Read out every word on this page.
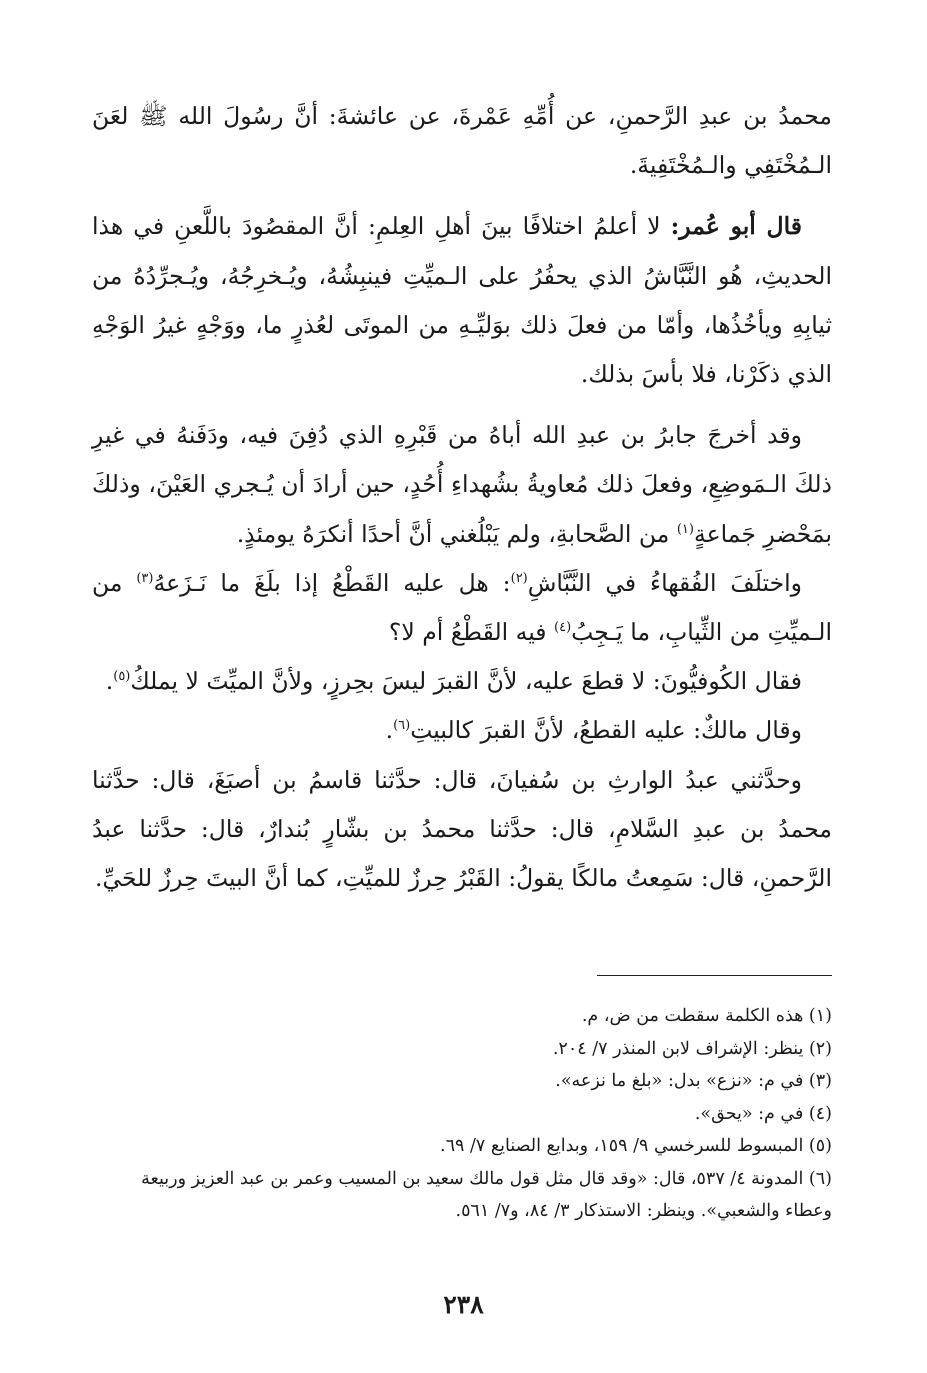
محمدُ بن عبدِ الرَّحمنِ، عن أُمِّهِ عَمْرةَ، عن عائشةَ: أنَّ رسُولَ الله ﷺ لعَنَ الـمُخْتَفِي والـمُخْتَفِيةَ.

قال أبو عُمر: لا أعلمُ اختلافًا بينَ أهلِ العِلمِ: أنَّ المقصُودَ باللَّعنِ في هذا الحديثِ، هُو النَّبَّاشُ الذي يحفُرُ على الـميِّتِ فينبِشُهُ، ويُـخرِجُهُ، ويُـجرِّدُهُ من ثيابِهِ ويأخُذُها، وأمّا من فعلَ ذلك بوَليِّـهِ من الموتَى لعُذرٍ ما، ووَجْهٍ غيرُ الوَجْهِ الذي ذكَرْنا، فلا بأسَ بذلك.

وقد أخرجَ جابرُ بن عبدِ الله أباهُ من قَبْرِهِ الذي دُفِنَ فيه، ودَفَنهُ في غيرِ ذلكَ الـمَوضِعِ، وفعلَ ذلك مُعاويةُ بشُهداءِ أُحُدٍ، حين أرادَ أن يُـجري العَيْنَ، وذلكَ بمَحْضرِ جَماعةٍ$^{(١)}$ من الصَّحابةِ، ولم يَبْلُغني أنَّ أحدًا أنكرَهُ يومئذٍ.

واختلَفَ الفُقهاءُ في النَّبَّاشِ$^{(٢)}$: هل عليه القَطْعُ إذا بلَغَ ما نَـزَعهُ$^{(٣)}$ من الـميِّتِ من الثِّيابِ، ما يَـجِبُ$^{(٤)}$ فيه القَطْعُ أم لا؟

فقال الكُوفيُّونَ: لا قطعَ عليه، لأنَّ القبرَ ليسَ بحِرزٍ، ولأنَّ الميِّتَ لا يملكُ$^{(٥)}$.

وقال مالكٌ: عليه القطعُ، لأنَّ القبرَ كالبيتِ$^{(٦)}$.

وحدَّثني عبدُ الوارثِ بن سُفيانَ، قال: حدَّثنا قاسمُ بن أصبَغَ، قال: حدَّثنا محمدُ بن عبدِ السَّلامِ، قال: حدَّثنا محمدُ بن بشّارٍ بُندارٌ، قال: حدَّثنا عبدُ الرَّحمنِ، قال: سَمِعتُ مالكًا يقولُ: القَبْرُ حِرزٌ للميِّتِ، كما أنَّ البيتَ حِرزٌ للحَيِّ.

(١) هذه الكلمة سقطت من ض، م.

(٢) ينظر: الإشراف لابن المنذر ٧/ ٢٠٤.

(٣) في م: «نزع» بدل: «بلغ ما نزعه».

(٤) في م: «يحق».

(٥) المبسوط للسرخسي ٩/ ١٥٩، وبدايع الصنايع ٧/ ٦٩.

(٦) المدونة ٤/ ٥٣٧، قال: «وقد قال مثل قول مالك سعيد بن المسيب وعمر بن عبد العزيز وربيعة وعطاء والشعبي». وينظر: الاستذكار ٣/ ٨٤، و٧/ ٥٦١.

٢٣٨
